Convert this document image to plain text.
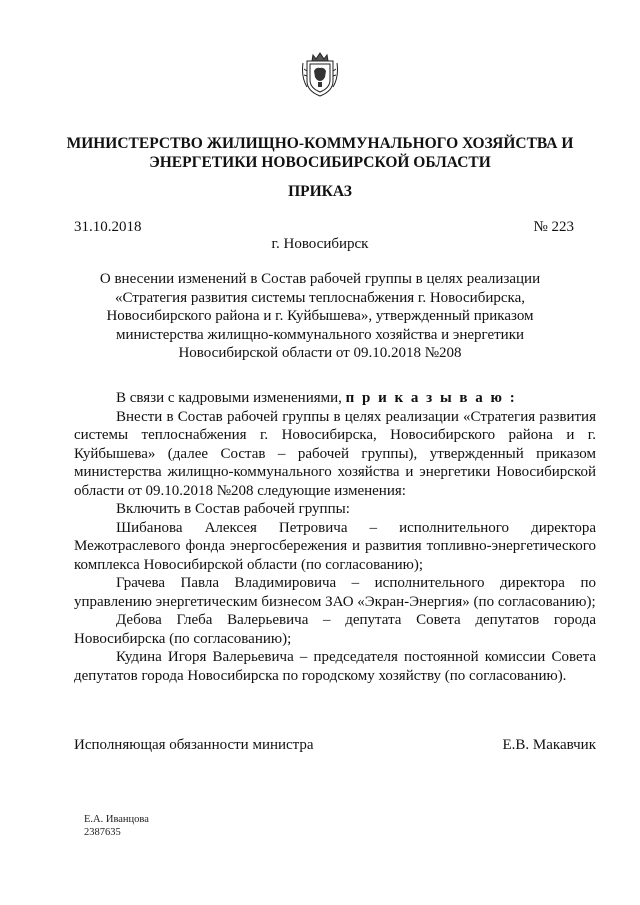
МИНИСТЕРСТВО ЖИЛИЩНО-КОММУНАЛЬНОГО ХОЗЯЙСТВА И ЭНЕРГЕТИКИ НОВОСИБИРСКОЙ ОБЛАСТИ
ПРИКАЗ
31.10.2018	№ 223
г. Новосибирск
О внесении изменений в Состав рабочей группы в целях реализации «Стратегия развития системы теплоснабжения г. Новосибирска, Новосибирского района и г. Куйбышева», утвержденный приказом министерства жилищно-коммунального хозяйства и энергетики Новосибирской области от 09.10.2018 №208

В связи с кадровыми изменениями, п р и к а з ы в а ю :

Внести в Состав рабочей группы в целях реализации «Стратегия развития системы теплоснабжения г. Новосибирска, Новосибирского района и г. Куйбышева» (далее Состав – рабочей группы), утвержденный приказом министерства жилищно-коммунального хозяйства и энергетики Новосибирской области от 09.10.2018 №208 следующие изменения:

Включить в Состав рабочей группы:

Шибанова Алексея Петровича – исполнительного директора Межотраслевого фонда энергосбережения и развития топливно-энергетического комплекса Новосибирской области (по согласованию);

Грачева Павла Владимировича – исполнительного директора по управлению энергетическим бизнесом ЗАО «Экран-Энергия» (по согласованию);

Дебова Глеба Валерьевича – депутата Совета депутатов города Новосибирска (по согласованию);

Кудина Игоря Валерьевича – председателя постоянной комиссии Совета депутатов города Новосибирска по городскому хозяйству (по согласованию).

Исполняющая обязанности министра	Е.В. Макавчик
Е.А. Иванцова
2387635
